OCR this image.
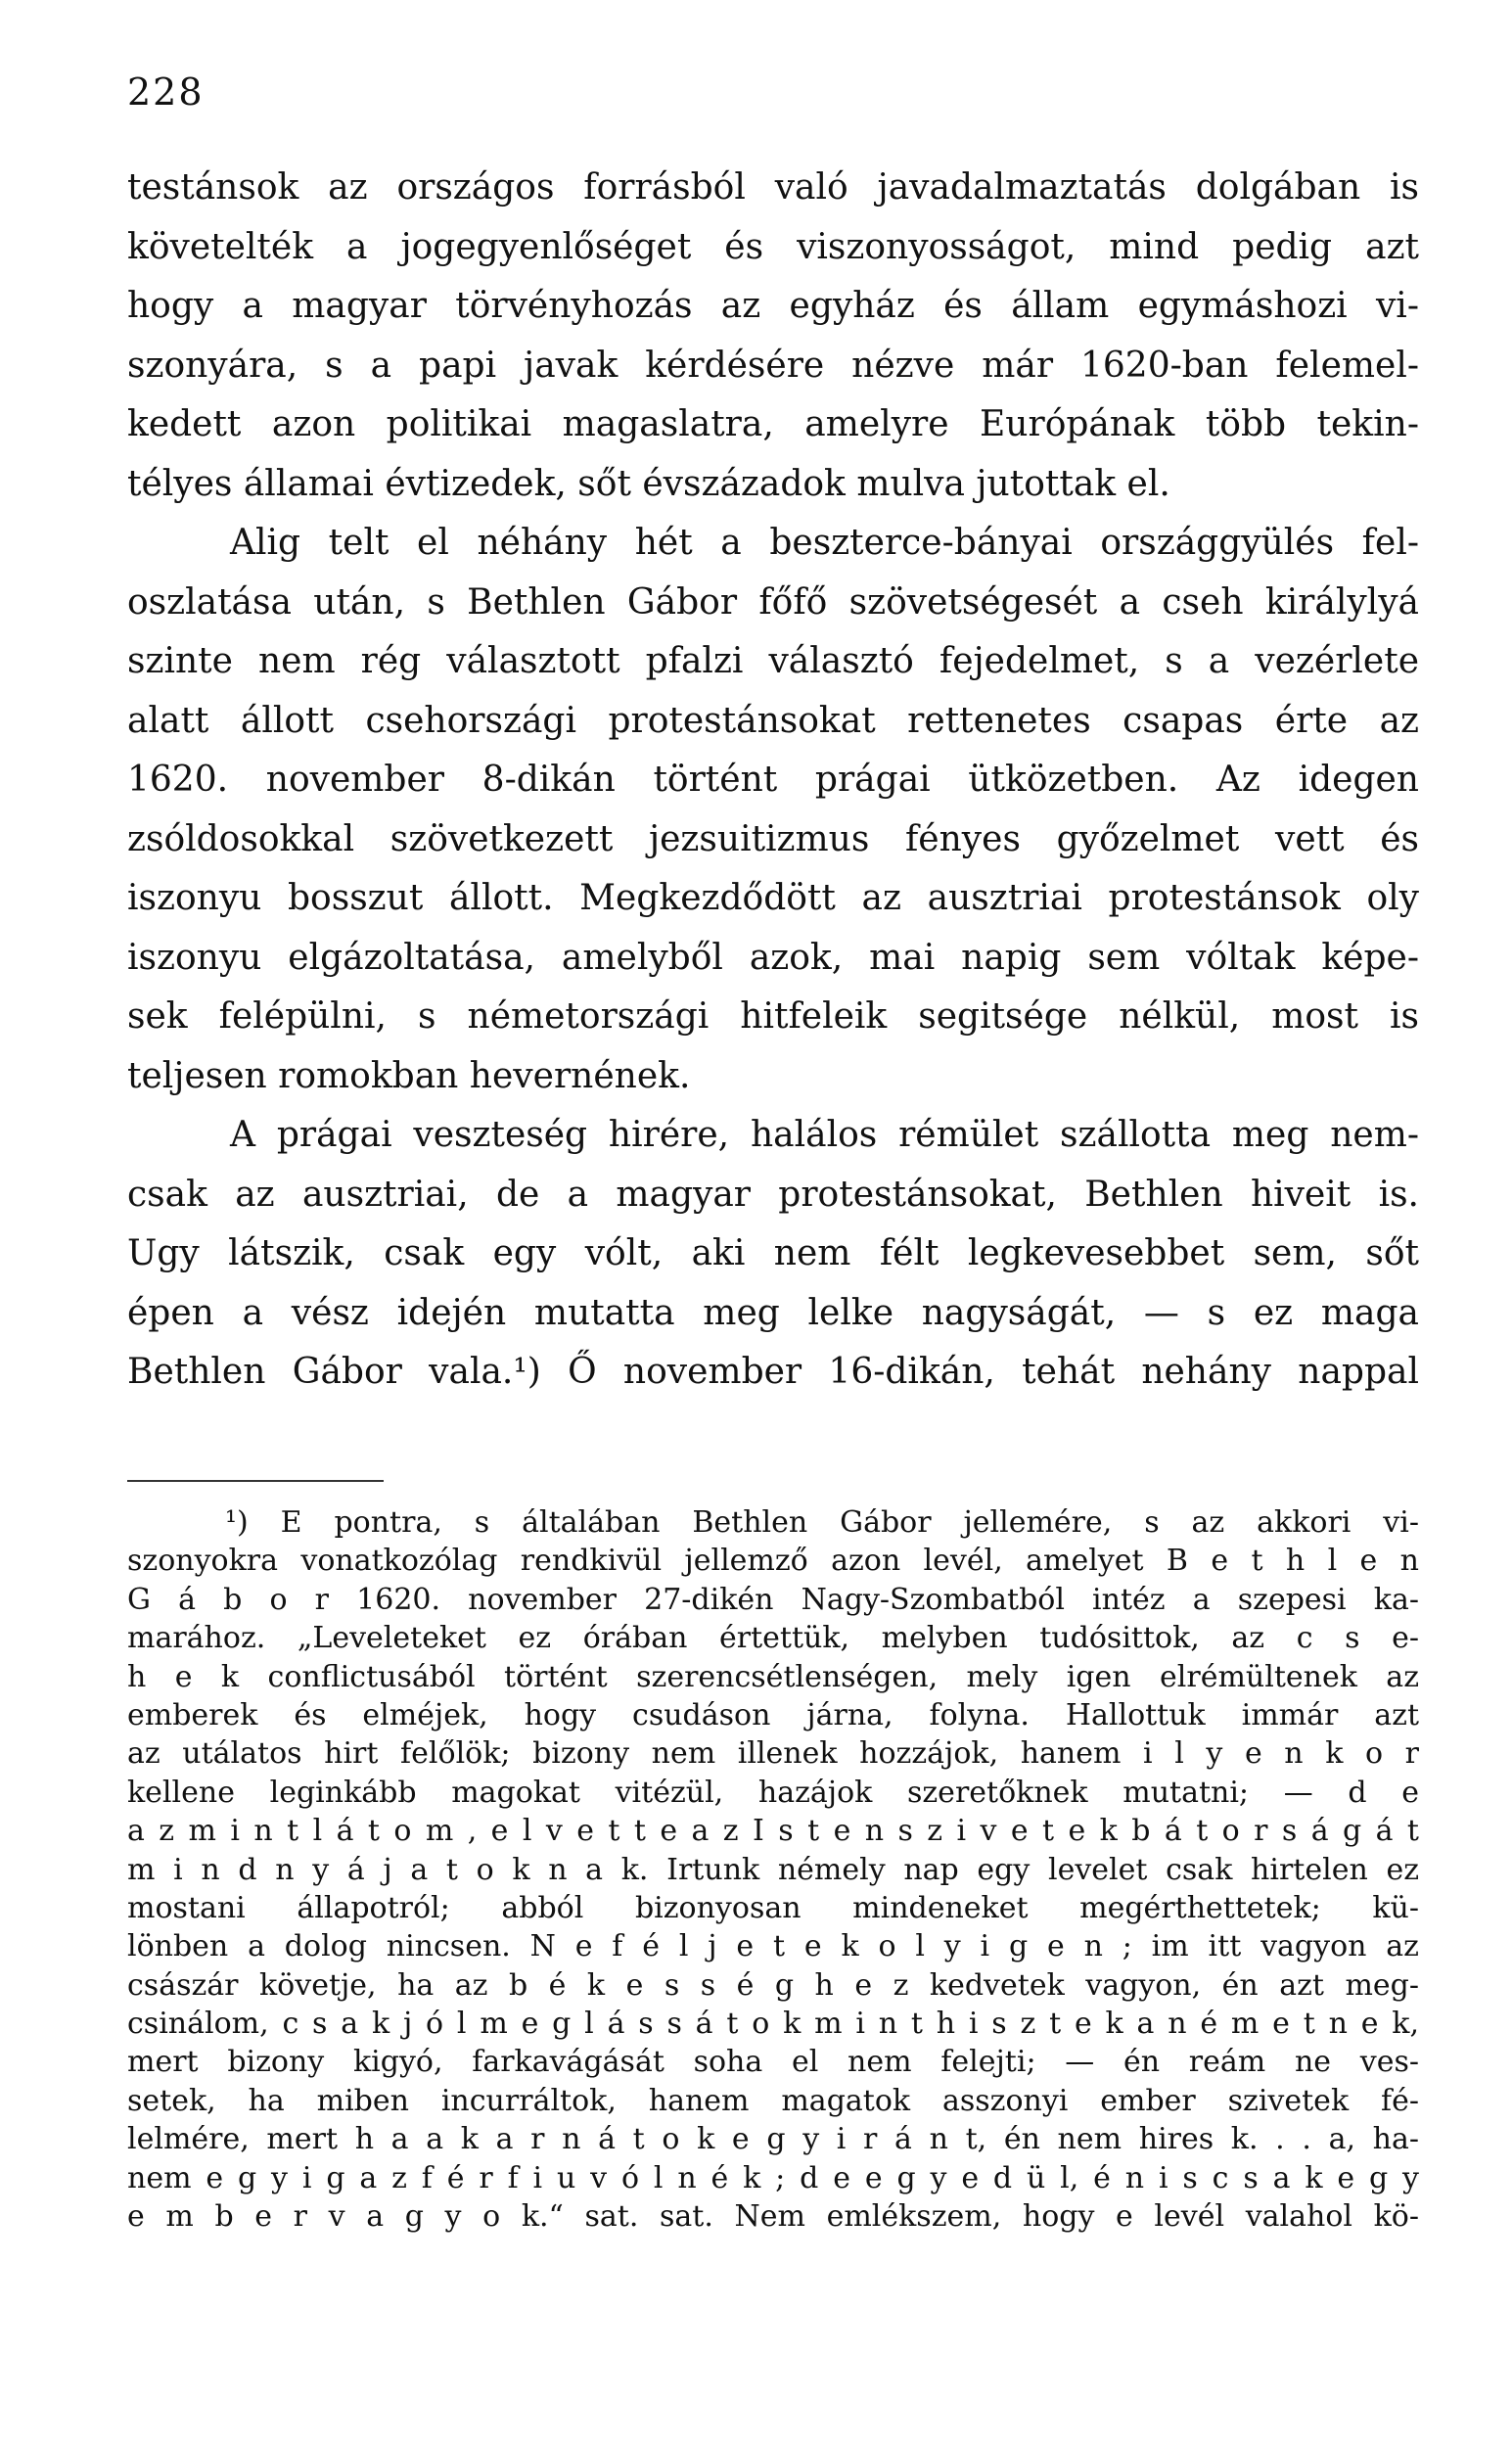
228
testánsok az országos forrásból való javadalmaztatás dolgában is
követelték a jogegyenlőséget és viszonyosságot, mind pedig azt
hogy a magyar törvényhozás az egyház és állam egymáshozi vi-
szonyára, s a papi javak kérdésére nézve már 1620-ban felemel-
kedett azon politikai magaslatra, amelyre Európának több tekin-
télyes államai évtizedek, sőt évszázadok mulva jutottak el.
Alig telt el néhány hét a beszterce-bányai országgyülés fel-
oszlatása után, s Bethlen Gábor főfő szövetségesét a cseh királylyá
szinte nem rég választott pfalzi választó fejedelmet, s a vezérlete
alatt állott csehországi protestánsokat rettenetes csapas érte az
1620. november 8-dikán történt prágai ütközetben. Az idegen
zsóldosokkal szövetkezett jezsuitizmus fényes győzelmet vett és
iszonyu bosszut állott. Megkezdődött az ausztriai protestánsok oly
iszonyu elgázoltatása, amelyből azok, mai napig sem vóltak képe-
sek felépülni, s németországi hitfeleik segitsége nélkül, most is
teljesen romokban hevernének.
A prágai veszteség hirére, halálos rémület szállotta meg nem-
csak az ausztriai, de a magyar protestánsokat, Bethlen hiveit is.
Ugy látszik, csak egy vólt, aki nem félt legkevesebbet sem, sőt
épen a vész idején mutatta meg lelke nagyságát, — s ez maga
Bethlen Gábor vala.¹) Ő november 16-dikán, tehát nehány nappal
¹) E pontra, s általában Bethlen Gábor jellemére, s az akkori vi-
szonyokra vonatkozólag rendkivül jellemző azon levél, amelyet B e t h l e n
G á b o r 1620. november 27-dikén Nagy-Szombatból intéz a szepesi ka-
marához. „Leveleteket ez órában értettük, melyben tudósittok, az c s e-
h e k conflictusából történt szerencsétlenségen, mely igen elrémültenek az
emberek és elméjek, hogy csudáson járna, folyna. Hallottuk immár azt
az utálatos hirt felőlök; bizony nem illenek hozzájok, hanem i l y e n k o r
kellene leginkább magokat vitézül, hazájok szeretőknek mutatni; — d e
a z m i n t l á t o m , e l v e t t e a z I s t e n s z i v e t e k b á t o r s á g á t
m i n d n y á j a t o k n a k. Irtunk némely nap egy levelet csak hirtelen ez
mostani állapotról; abból bizonyosan mindeneket megérthettetek; kü-
lönben a dolog nincsen. N e f é l j e t e k o l y i g e n ; im itt vagyon az
császár követje, ha az b é k e s s é g h e z kedvetek vagyon, én azt meg-
csinálom, c s a k j ó l m e g l á s s á t o k m i n t h i s z t e k a n é m e t n e k,
mert bizony kigyó, farkavágását soha el nem felejti; — én reám ne ves-
setek, ha miben incurráltok, hanem magatok asszonyi ember szivetek fé-
lelmére, mert h a a k a r n á t o k e g y i r á n t, én nem hires k. . . a, ha-
nem e g y i g a z f é r f i u v ó l n é k ; d e e g y e d ü l, é n i s c s a k e g y
e m b e r v a g y o k.“ sat. sat. Nem emlékszem, hogy e levél valahol kö-
